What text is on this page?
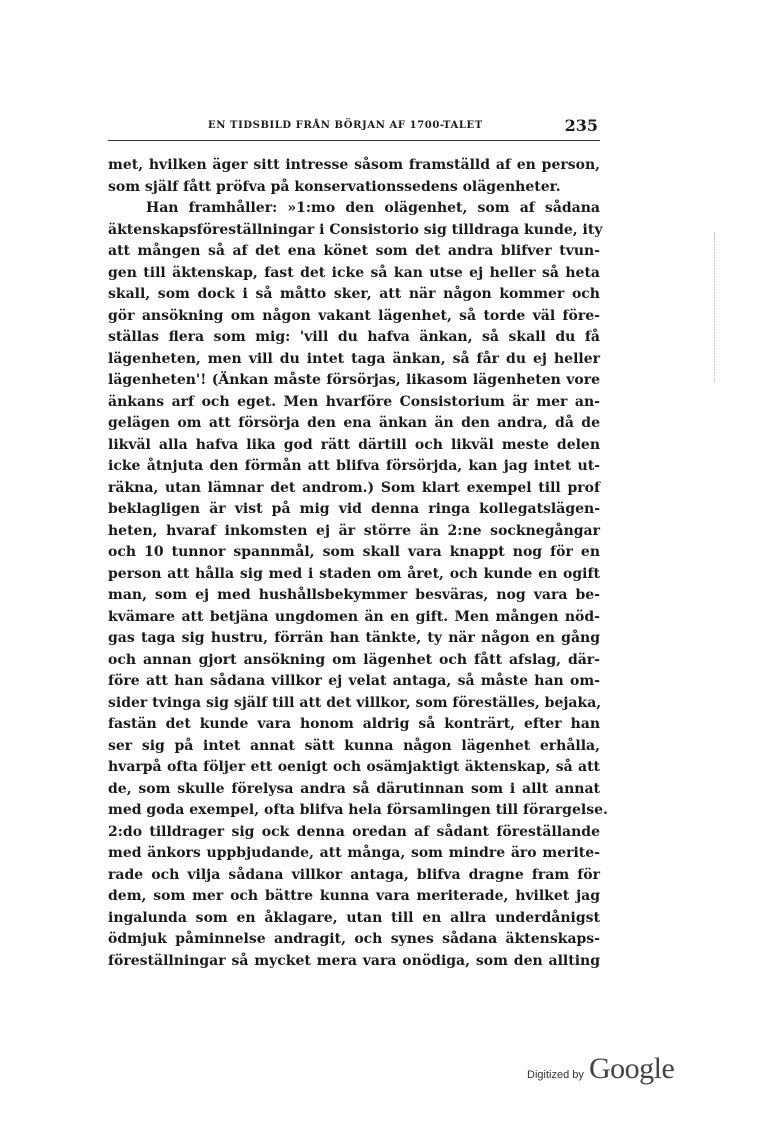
EN TIDSBILD FRÅN BÖRJAN AF 1700-TALET	235
met, hvilken äger sitt intresse såsom framställd af en person,
som själf fått pröfva på konservationssedens olägenheter.
Han framhåller: »1:mo den olägenhet, som af sådana
äktenskapsföreställningar i Consistorio sig tilldraga kunde, ity
att mången så af det ena könet som det andra blifver tvun-
gen till äktenskap, fast det icke så kan utse ej heller så heta
skall, som dock i så måtto sker, att när någon kommer och
gör ansökning om någon vakant lägenhet, så torde väl före-
ställas flera som mig: 'vill du hafva änkan, så skall du få
lägenheten, men vill du intet taga änkan, så får du ej heller
lägenheten'! (Änkan måste försörjas, likasom lägenheten vore
änkans arf och eget. Men hvarföre Consistorium är mer an-
gelägen om att försörja den ena änkan än den andra, då de
likväl alla hafva lika god rätt därtill och likväl meste delen
icke åtnjuta den förmån att blifva försörjda, kan jag intet ut-
räkna, utan lämnar det androm.) Som klart exempel till prof
beklagligen är vist på mig vid denna ringa kollegatslägen-
heten, hvaraf inkomsten ej är större än 2:ne socknegångar
och 10 tunnor spannmål, som skall vara knappt nog för en
person att hålla sig med i staden om året, och kunde en ogift
man, som ej med hushållsbekymmer besväras, nog vara be-
kvämare att betjäna ungdomen än en gift. Men mången nöd-
gas taga sig hustru, förrän han tänkte, ty när någon en gång
och annan gjort ansökning om lägenhet och fått afslag, där-
före att han sådana villkor ej velat antaga, så måste han om-
sider tvinga sig själf till att det villkor, som föreställes, bejaka,
fastän det kunde vara honom aldrig så konträrt, efter han
ser sig på intet annat sätt kunna någon lägenhet erhålla,
hvarpå ofta följer ett oenigt och osämjaktigt äktenskap, så att
de, som skulle förelysa andra så därutinnan som i allt annat
med goda exempel, ofta blifva hela församlingen till förargelse.
2:do tilldrager sig ock denna oredan af sådant föreställande
med änkors uppbjudande, att många, som mindre äro merite-
rade och vilja sådana villkor antaga, blifva dragne fram för
dem, som mer och bättre kunna vara meriterade, hvilket jag
ingalunda som en åklagare, utan till en allra underdånigst
ödmjuk påminnelse andragit, och synes sådana äktenskaps-
föreställningar så mycket mera vara onödiga, som den allting
Digitized by Google
